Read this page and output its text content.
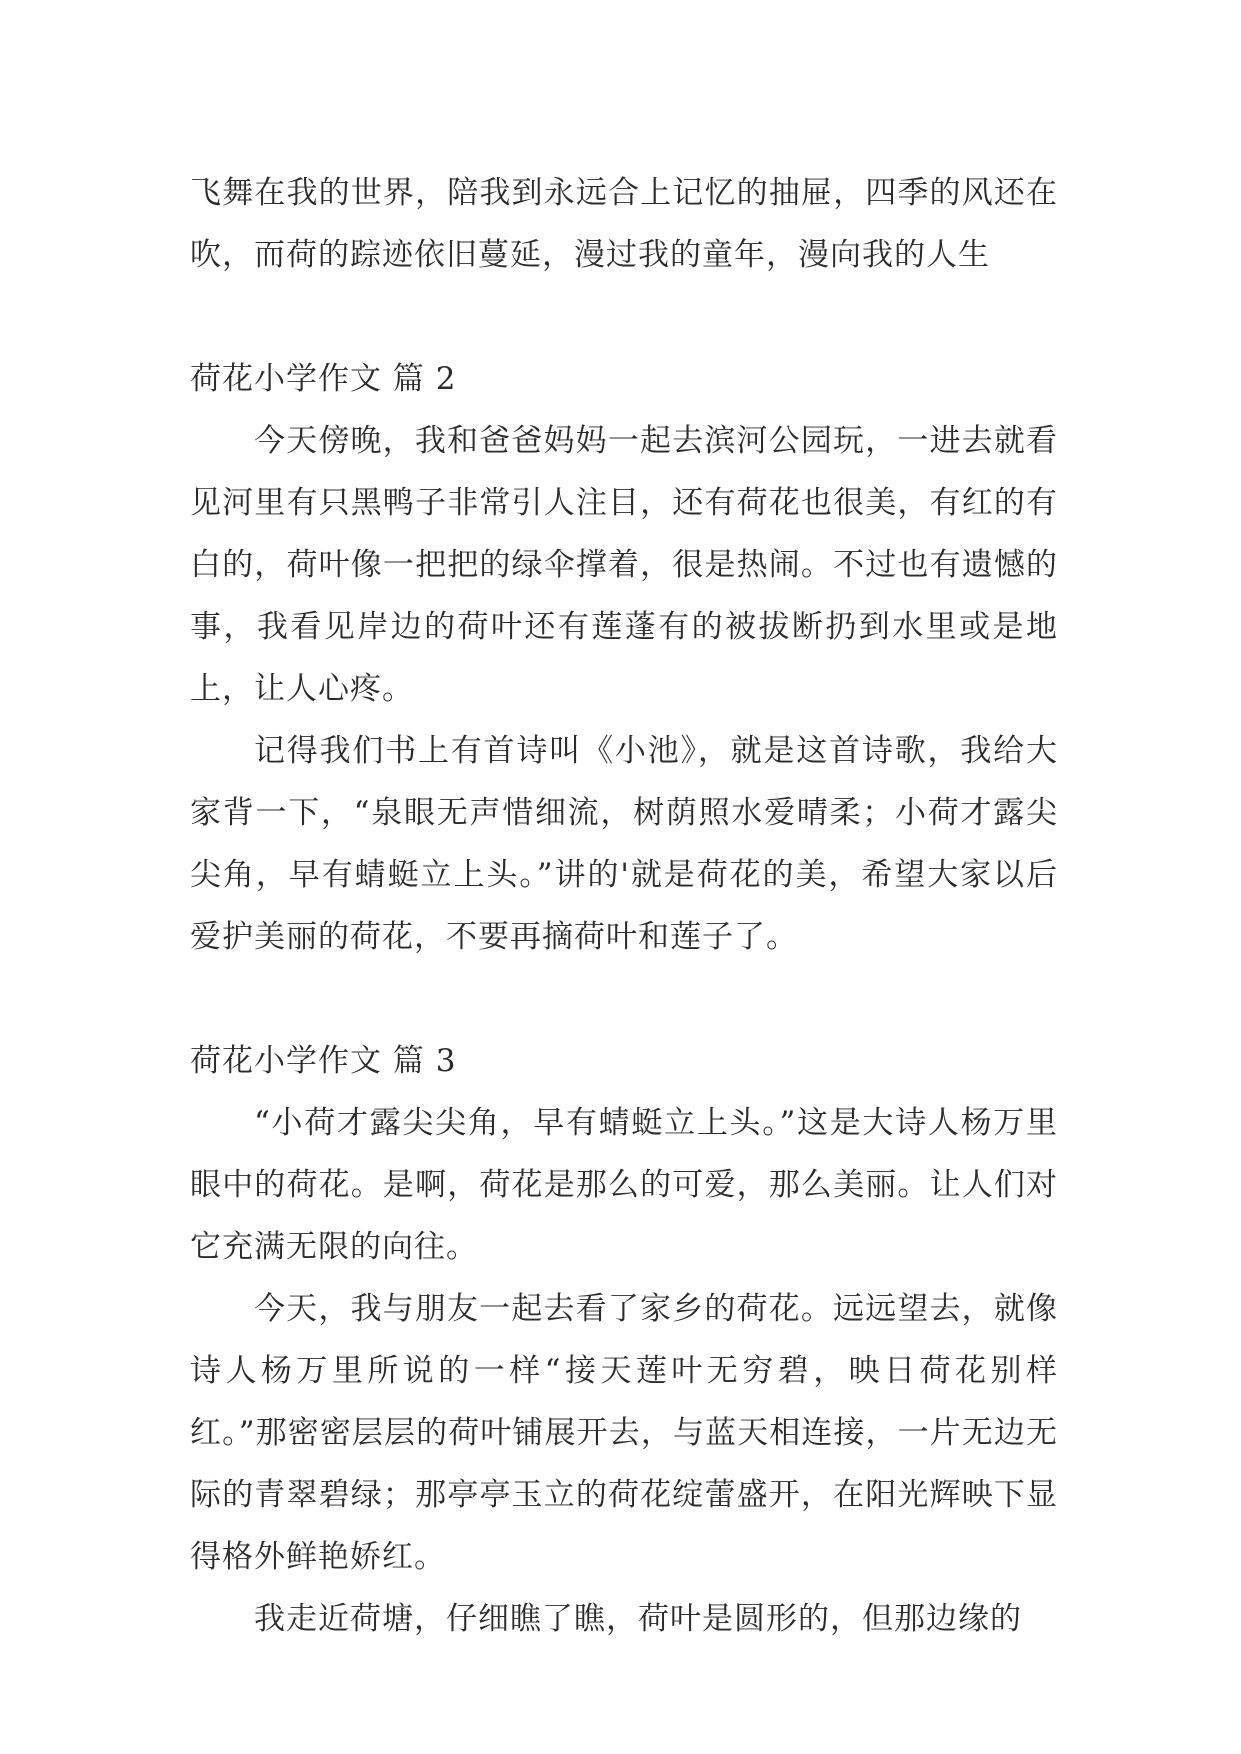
飞舞在我的世界，陪我到永远合上记忆的抽屉，四季的风还在吹，而荷的踪迹依旧蔓延，漫过我的童年，漫向我的人生

荷花小学作文 篇 2

今天傍晚，我和爸爸妈妈一起去滨河公园玩，一进去就看见河里有只黑鸭子非常引人注目，还有荷花也很美，有红的有白的，荷叶像一把把的绿伞撑着，很是热闹。不过也有遗憾的事，我看见岸边的荷叶还有莲蓬有的被拔断扔到水里或是地上，让人心疼。

记得我们书上有首诗叫《小池》，就是这首诗歌，我给大家背一下，“泉眼无声惜细流，树荫照水爱晴柔；小荷才露尖尖角，早有蜻蜓立上头。”讲的'就是荷花的美，希望大家以后爱护美丽的荷花，不要再摘荷叶和莲子了。

荷花小学作文 篇 3

“小荷才露尖尖角，早有蜻蜓立上头。”这是大诗人杨万里眼中的荷花。是啊，荷花是那么的可爱，那么美丽。让人们对它充满无限的向往。

今天，我与朋友一起去看了家乡的荷花。远远望去，就像诗人杨万里所说的一样“接天莲叶无穷碧，映日荷花别样红。”那密密层层的荷叶铺展开去，与蓝天相连接，一片无边无际的青翠碧绿；那亭亭玉立的荷花绽蕾盛开，在阳光辉映下显得格外鲜艳娇红。

我走近荷塘，仔细瞧了瞧，荷叶是圆形的，但那边缘的
